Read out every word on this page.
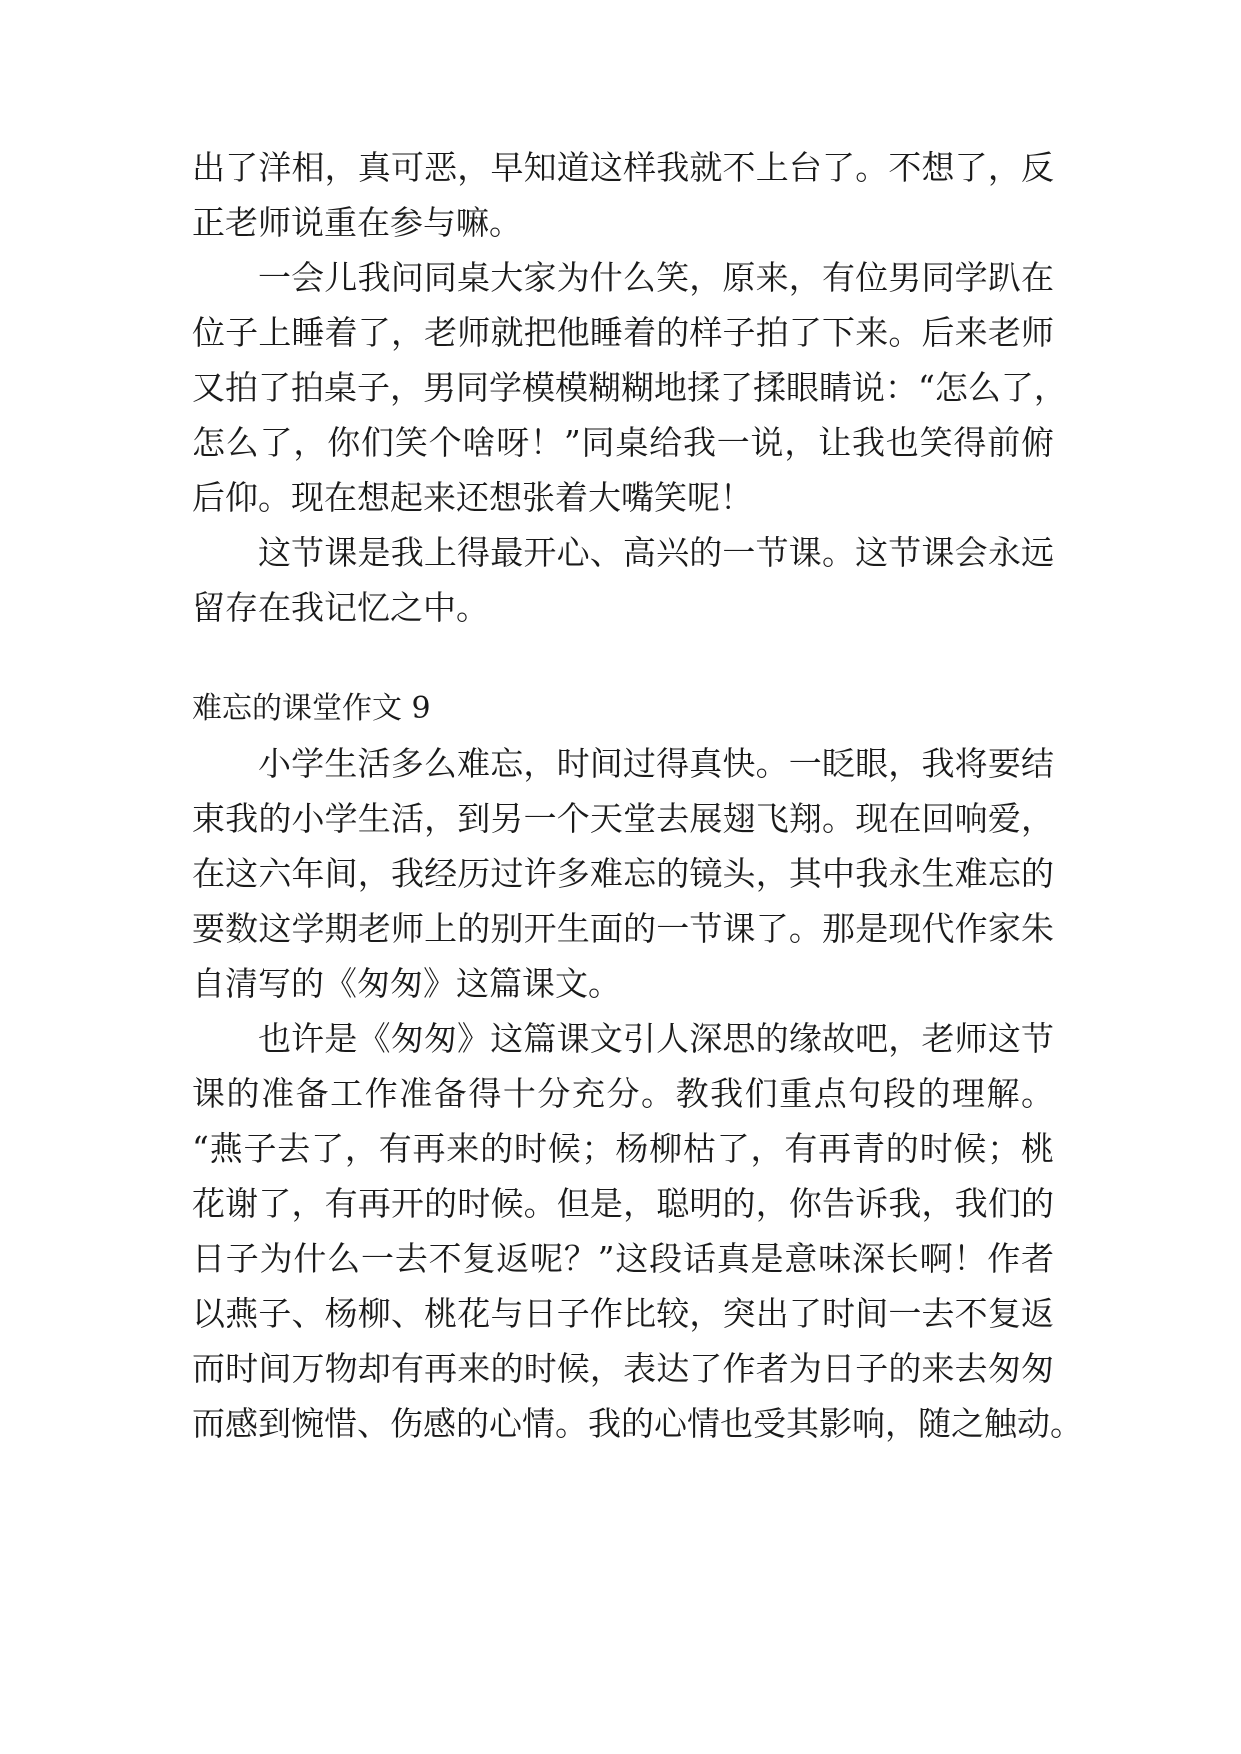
出了洋相，真可恶，早知道这样我就不上台了。不想了，反
正老师说重在参与嘛。
一会儿我问同桌大家为什么笑，原来，有位男同学趴在
位子上睡着了，老师就把他睡着的样子拍了下来。后来老师
又拍了拍桌子，男同学模模糊糊地揉了揉眼睛说：“怎么了，
怎么了，你们笑个啥呀！”同桌给我一说，让我也笑得前俯
后仰。现在想起来还想张着大嘴笑呢！
这节课是我上得最开心、高兴的一节课。这节课会永远
留存在我记忆之中。
难忘的课堂作文 9
小学生活多么难忘，时间过得真快。一眨眼，我将要结
束我的小学生活，到另一个天堂去展翅飞翔。现在回响爱，
在这六年间，我经历过许多难忘的镜头，其中我永生难忘的
要数这学期老师上的别开生面的一节课了。那是现代作家朱
自清写的《匆匆》这篇课文。
也许是《匆匆》这篇课文引人深思的缘故吧，老师这节
课的准备工作准备得十分充分。教我们重点句段的理解。
“燕子去了，有再来的时候；杨柳枯了，有再青的时候；桃
花谢了，有再开的时候。但是，聪明的，你告诉我，我们的
日子为什么一去不复返呢？”这段话真是意味深长啊！作者
以燕子、杨柳、桃花与日子作比较，突出了时间一去不复返
而时间万物却有再来的时候，表达了作者为日子的来去匆匆
而感到惋惜、伤感的心情。我的心情也受其影响，随之触动。
